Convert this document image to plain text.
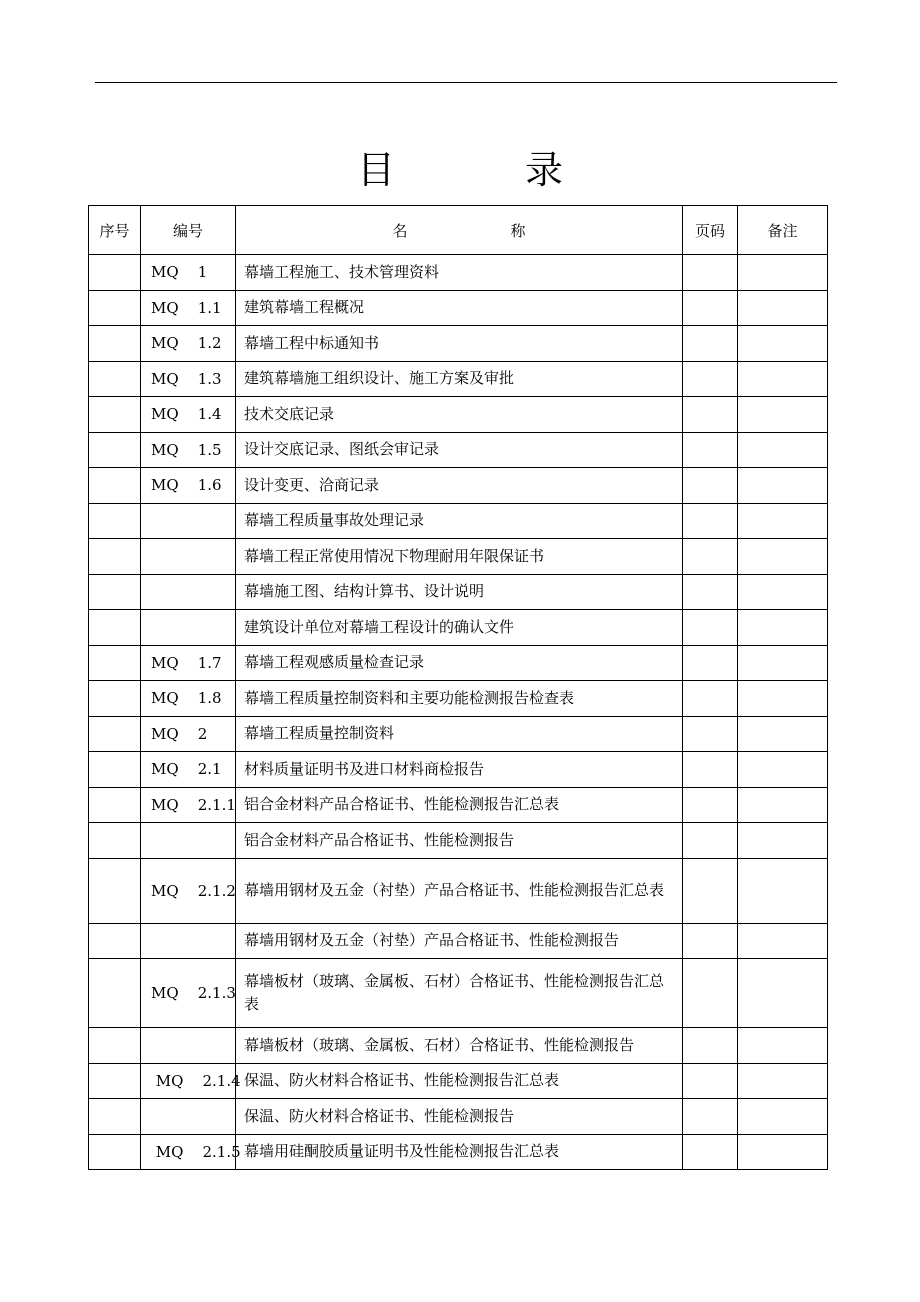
目　录
序号	编号	名　称	页码	备注
	MQ    1	幕墙工程施工、技术管理资料		
	MQ    1.1	建筑幕墙工程概况		
	MQ    1.2	幕墙工程中标通知书		
	MQ    1.3	建筑幕墙施工组织设计、施工方案及审批		
	MQ    1.4	技术交底记录		
	MQ    1.5	设计交底记录、图纸会审记录		
	MQ    1.6	设计变更、洽商记录		
		幕墙工程质量事故处理记录		
		幕墙工程正常使用情况下物理耐用年限保证书		
		幕墙施工图、结构计算书、设计说明		
		建筑设计单位对幕墙工程设计的确认文件		
	MQ    1.7	幕墙工程观感质量检查记录		
	MQ    1.8	幕墙工程质量控制资料和主要功能检测报告检查表		
	MQ    2	幕墙工程质量控制资料		
	MQ    2.1	材料质量证明书及进口材料商检报告		
	MQ    2.1.1	铝合金材料产品合格证书、性能检测报告汇总表		
		铝合金材料产品合格证书、性能检测报告		
	MQ    2.1.2	幕墙用钢材及五金（衬垫）产品合格证书、性能检测报告汇总表		
		幕墙用钢材及五金（衬垫）产品合格证书、性能检测报告		
	MQ    2.1.3	幕墙板材（玻璃、金属板、石材）合格证书、性能检测报告汇总表		
		幕墙板材（玻璃、金属板、石材）合格证书、性能检测报告		
	MQ    2.1.4	保温、防火材料合格证书、性能检测报告汇总表		
		保温、防火材料合格证书、性能检测报告		
	MQ    2.1.5	幕墙用硅酮胶质量证明书及性能检测报告汇总表		
